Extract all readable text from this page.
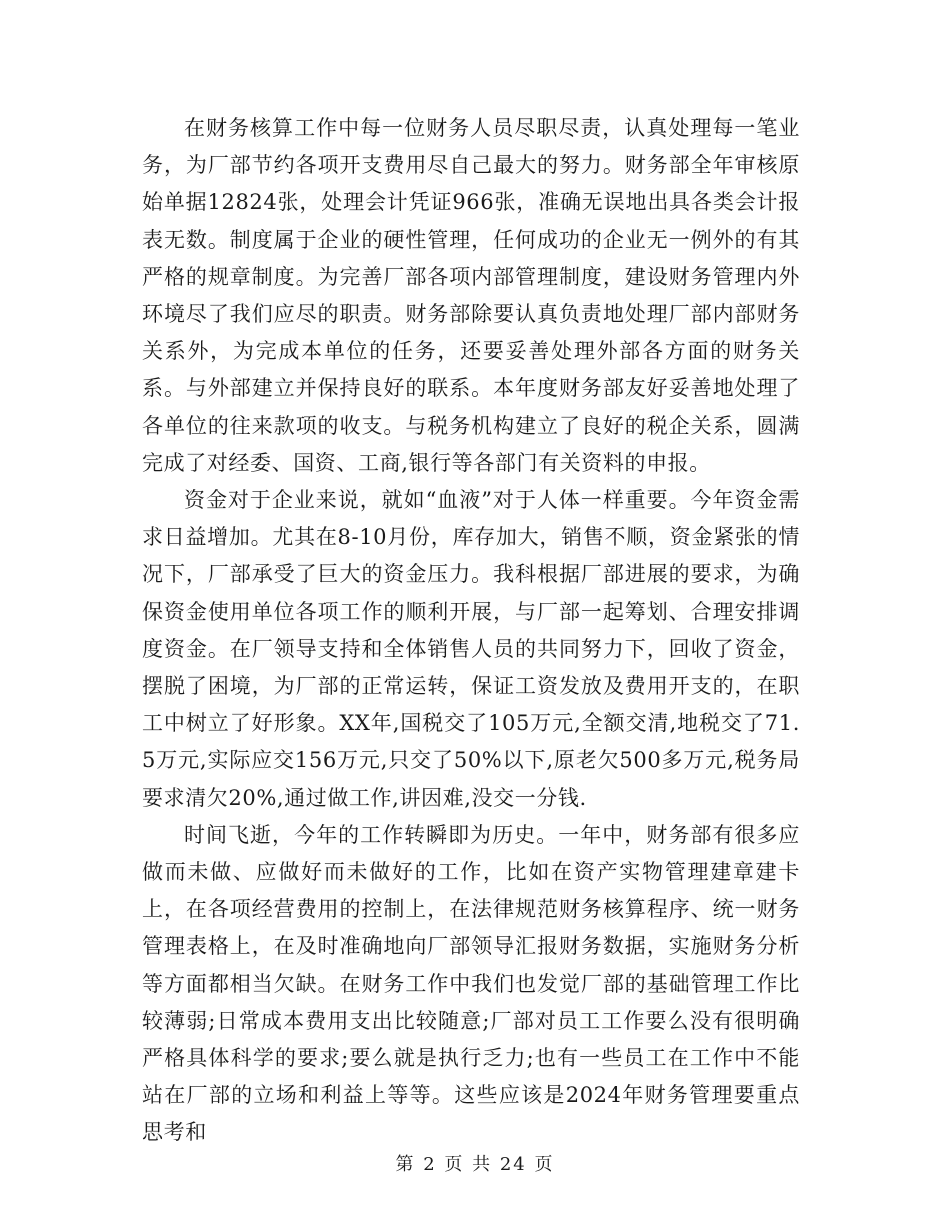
在财务核算工作中每一位财务人员尽职尽责，认真处理每一笔业务，为厂部节约各项开支费用尽自己最大的努力。财务部全年审核原始单据12824张，处理会计凭证966张，准确无误地出具各类会计报表无数。制度属于企业的硬性管理，任何成功的企业无一例外的有其严格的规章制度。为完善厂部各项内部管理制度，建设财务管理内外环境尽了我们应尽的职责。财务部除要认真负责地处理厂部内部财务关系外，为完成本单位的任务，还要妥善处理外部各方面的财务关系。与外部建立并保持良好的联系。本年度财务部友好妥善地处理了各单位的往来款项的收支。与税务机构建立了良好的税企关系，圆满完成了对经委、国资、工商,银行等各部门有关资料的申报。

资金对于企业来说，就如“血液”对于人体一样重要。今年资金需求日益增加。尤其在8-10月份，库存加大，销售不顺，资金紧张的情况下，厂部承受了巨大的资金压力。我科根据厂部进展的要求，为确保资金使用单位各项工作的顺利开展，与厂部一起筹划、合理安排调度资金。在厂领导支持和全体销售人员的共同努力下，回收了资金，摆脱了困境，为厂部的正常运转，保证工资发放及费用开支的，在职工中树立了好形象。XX年,国税交了105万元,全额交清,地税交了71.5万元,实际应交156万元,只交了50%以下,原老欠500多万元,税务局要求清欠20%,通过做工作,讲因难,没交一分钱.

时间飞逝，今年的工作转瞬即为历史。一年中，财务部有很多应做而未做、应做好而未做好的工作，比如在资产实物管理建章建卡上，在各项经营费用的控制上，在法律规范财务核算程序、统一财务管理表格上，在及时准确地向厂部领导汇报财务数据，实施财务分析等方面都相当欠缺。在财务工作中我们也发觉厂部的基础管理工作比较薄弱;日常成本费用支出比较随意;厂部对员工工作要么没有很明确严格具体科学的要求;要么就是执行乏力;也有一些员工在工作中不能站在厂部的立场和利益上等等。这些应该是2024年财务管理要重点思考和

第 2 页 共 24 页
